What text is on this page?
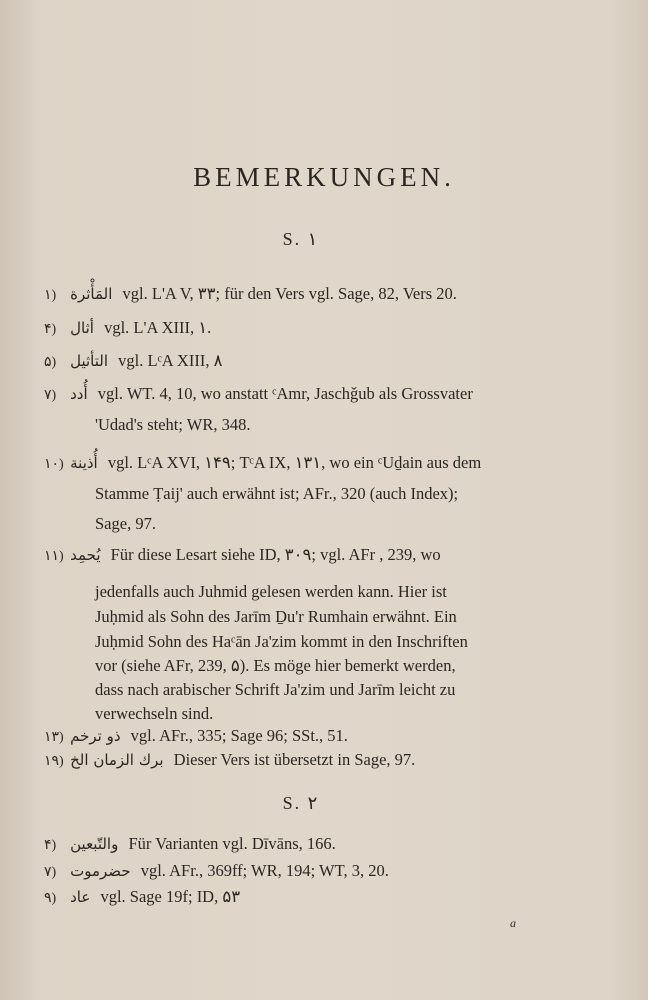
BEMERKUNGEN.
S. ۱
۱) المَأْثرة vgl. L'A V, ۳۳; für den Vers vgl. Sage, 82, Vers 20.
۴) أثال vgl. L'A XIII, ۱.
۵) التأثيل vgl. LᶜA XIII, ۸
۷) أُدد vgl. WT. 4, 10, wo anstatt ᶜAmr, Jaschǧub als Grossvater
'Udad's steht; WR, 348.
۱۰) أُذينة vgl. LᶜA XVI, ۱۴۹; TᶜA IX, ۱۳۱, wo ein ᶜUḏain aus dem
Stamme Ṭaij' auch erwähnt ist; AFr., 320 (auch Index);
Sage, 97.
۱۱) يُحمِد Für diese Lesart siehe ID, ۳۰۹; vgl. AFr , 239, wo
jedenfalls auch Juhmid gelesen werden kann. Hier ist
Juḥmid als Sohn des Jarīm Ḏu'r Rumhain erwähnt. Ein
Juḥmid Sohn des Haᶜān Ja'zim kommt in den Inschriften
vor (siehe AFr, 239, ۵). Es möge hier bemerkt werden,
dass nach arabischer Schrift Ja'zim und Jarīm leicht zu
verwechseln sind.
۱۳) ذو ترخم vgl. AFr., 335; Sage 96; SSt., 51.
۱۹) برك الزمان الخ Dieser Vers ist übersetzt in Sage, 97.
S. ۲
۴) والتّبعين Für Varianten vgl. Dīvāns, 166.
۷) حضرموت vgl. AFr., 369ff; WR, 194; WT, 3, 20.
۹) عاد vgl. Sage 19f; ID, ۵۳
a
